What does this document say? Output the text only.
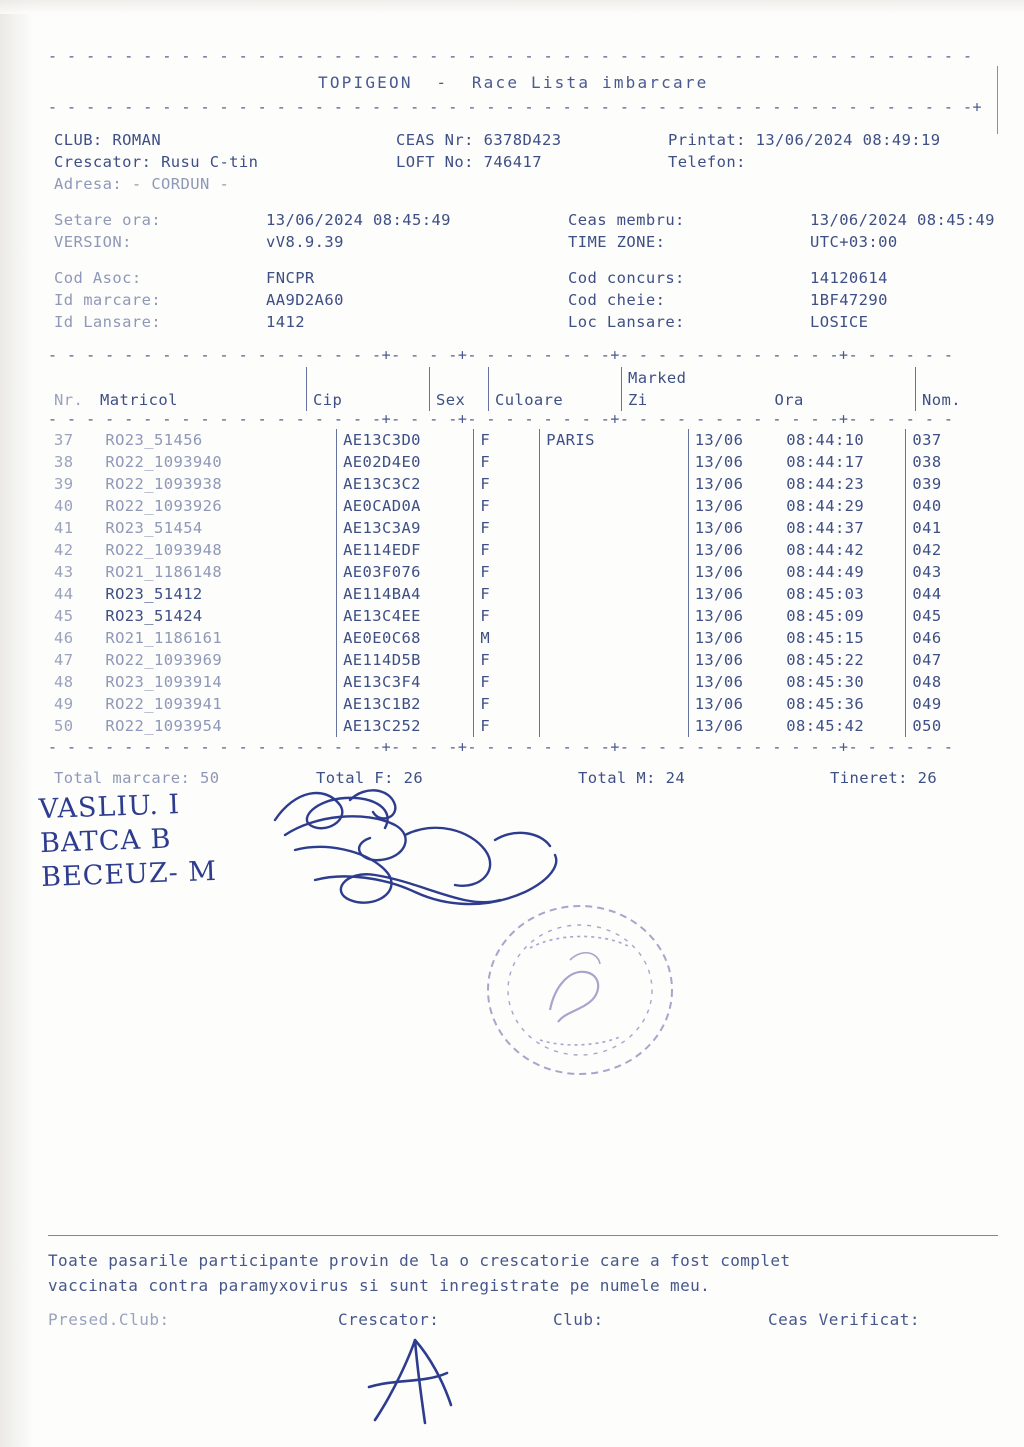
- - - - - - - - - - - - - - - - - - - - - - - - - - - - - - - - - - - - - - - - - - - - - - - - -
TOPIGEON  -  Race Lista imbarcare
- - - - - - - - - - - - - - - - - - - - - - - - - - - - - - - - - - - - - - - - - - - - - - - - -+
CLUB: ROMAN	CEAS Nr: 6378D423	Printat: 13/06/2024 08:49:19
Crescator: Rusu C-tin	LOFT No: 746417	Telefon:
Adresa: - CORDUN -		
Setare ora:	13/06/2024 08:45:49	Ceas membru:	13/06/2024 08:45:49
VERSION:	vV8.9.39	TIME ZONE:	UTC+03:00
Cod Asoc:	FNCPR	Cod concurs:	14120614
Id marcare:	AA9D2A60	Cod cheie:	1BF47290
Id Lansare:	1412	Loc Lansare:	LOSICE
- - - - - - - - - - - - - - - - - -+- - - -+- - - - - - - -+- - - - - - - - - - - -+- - - - - -
					Marked		
Nr.	Matricol	Cip	Sex	Culoare	Zi	Ora	Nom.
- - - - - - - - - - - - - - - - - -+- - - -+- - - - - - - -+- - - - - - - - - - - -+- - - - - -
37	RO23_51456	AE13C3D0	F	PARIS	13/06	08:44:10	037
38	RO22_1093940	AE02D4E0	F		13/06	08:44:17	038
39	RO22_1093938	AE13C3C2	F		13/06	08:44:23	039
40	RO22_1093926	AE0CAD0A	F		13/06	08:44:29	040
41	RO23_51454	AE13C3A9	F		13/06	08:44:37	041
42	RO22_1093948	AE114EDF	F		13/06	08:44:42	042
43	RO21_1186148	AE03F076	F		13/06	08:44:49	043
44	RO23_51412	AE114BA4	F		13/06	08:45:03	044
45	RO23_51424	AE13C4EE	F		13/06	08:45:09	045
46	RO21_1186161	AE0E0C68	M		13/06	08:45:15	046
47	RO22_1093969	AE114D5B	F		13/06	08:45:22	047
48	RO23_1093914	AE13C3F4	F		13/06	08:45:30	048
49	RO22_1093941	AE13C1B2	F		13/06	08:45:36	049
50	RO22_1093954	AE13C252	F		13/06	08:45:42	050
- - - - - - - - - - - - - - - - - -+- - - -+- - - - - - - -+- - - - - - - - - - - -+- - - - - -
Total marcare: 50	Total F: 26	Total M: 24	Tineret: 26
VASLIU. I
BATCA B
BECEUZ- M
Toate pasarile participante provin de la o crescatorie care a fost complet
vaccinata contra paramyxovirus si sunt inregistrate pe numele meu.
Presed.Club:	Crescator:	Club:	Ceas Verificat:
